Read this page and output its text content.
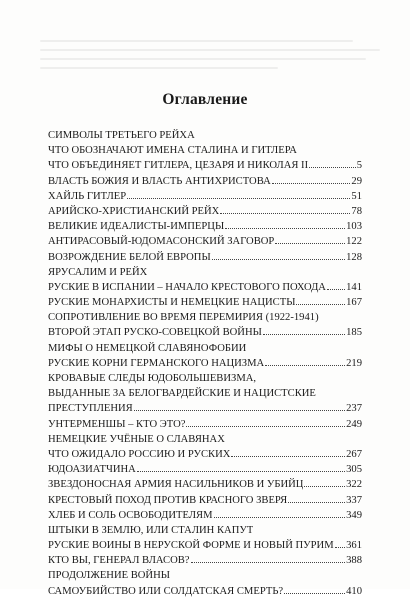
Оглавление
СИМВОЛЫ ТРЕТЬЕГО РЕЙХА
ЧТО ОБОЗНАЧАЮТ ИМЕНА СТАЛИНА И ГИТЛЕРА
ЧТО ОБЪЕДИНЯЕТ ГИТЛЕРА, ЦЕЗАРЯ И НИКОЛАЯ II	5
ВЛАСТЬ БОЖИЯ И ВЛАСТЬ АНТИХРИСТОВА	29
ХАЙЛЬ ГИТЛЕР	51
АРИЙСКО-ХРИСТИАНСКИЙ РЕЙХ	78
ВЕЛИКИЕ ИДЕАЛИСТЫ-ИМПЕРЦЫ	103
АНТИРАСОВЫЙ-ЮДОМАСОНСКИЙ ЗАГОВОР	122
ВОЗРОЖДЕНИЕ БЕЛОЙ ЕВРОПЫ	128
ЯРУСАЛИМ И РЕЙХ
РУСКИЕ В ИСПАНИИ – НАЧАЛО КРЕСТОВОГО ПОХОДА 141
РУСКИЕ МОНАРХИСТЫ И НЕМЕЦКИЕ НАЦИСТЫ	167
СОПРОТИВЛЕНИЕ ВО ВРЕМЯ ПЕРЕМИРИЯ (1922-1941)
ВТОРОЙ ЭТАП РУСКО-СОВЕЦКОЙ ВОЙНЫ	185
МИФЫ О НЕМЕЦКОЙ СЛАВЯНОФОБИИ
РУСКИЕ КОРНИ ГЕРМАНСКОГО НАЦИЗМА	219
КРОВАВЫЕ СЛЕДЫ ЮДОБОЛЬШЕВИЗМА,
ВЫДАННЫЕ ЗА БЕЛОГВАРДЕЙСКИЕ И НАЦИСТСКИЕ
ПРЕСТУПЛЕНИЯ	237
УНТЕРМЕНШЫ – КТО ЭТО?	249
НЕМЕЦКИЕ УЧЁНЫЕ О СЛАВЯНАХ
ЧТО ОЖИДАЛО РОССИЮ И РУСКИХ	267
ЮДОАЗИАТЧИНА	305
ЗВЕЗДОНОСНАЯ АРМИЯ НАСИЛЬНИКОВ И УБИЙЦ	322
КРЕСТОВЫЙ ПОХОД ПРОТИВ КРАСНОГО ЗВЕРЯ	337
ХЛЕБ И СОЛЬ ОСВОБОДИТЕЛЯМ	349
ШТЫКИ В ЗЕМЛЮ, ИЛИ СТАЛИН КАПУТ
РУСКИЕ ВОИНЫ В НЕРУСКОЙ ФОРМЕ И НОВЫЙ ПУРИМ 361
КТО ВЫ, ГЕНЕРАЛ ВЛАСОВ?	388
ПРОДОЛЖЕНИЕ ВОЙНЫ
САМОУБИЙСТВО ИЛИ СОЛДАТСКАЯ СМЕРТЬ?	410
